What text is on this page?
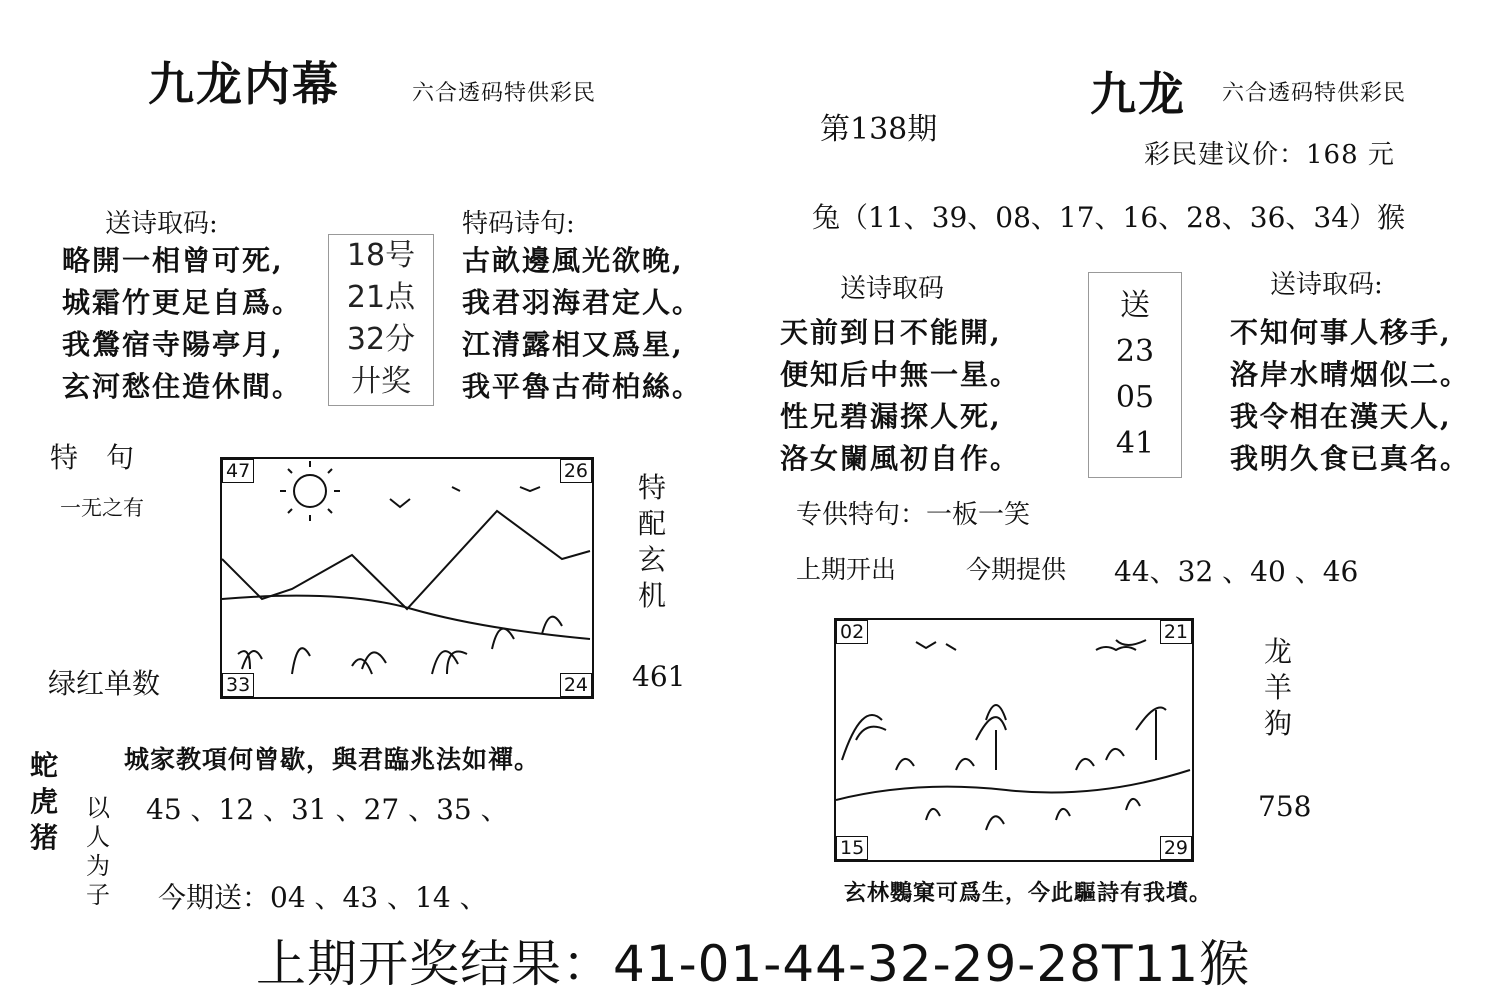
九龙内幕	六合透码特供彩民
送诗取码:
略開一相曾可死,
城霜竹更足自爲。
我鶯宿寺陽亭月,
玄河愁住造休間。
18号
21点
32分
廾奖
特码诗句:
古畝邊風光欲晚,
我君羽海君定人。
江清露相又爲星,
我平魯古荷柏絲。
特　句
一无之有
47	26
33	24
特
配
玄
机
绿红单数	461
蛇
虎
猪
以
人
为
子
城家教項何曾歇，與君臨兆法如禪。
45 、12 、31 、27 、35 、
今期送：04 、43 、14 、
九龙 六合透码特供彩民
第138期
彩民建议价：168 元
兔（11、39、08、17、16、28、36、34）猴
送诗取码
天前到日不能開,
便知后中無一星。
性兄碧漏探人死,
洛女闌風初自作。
送
23
05
41
送诗取码:
不知何事人移手,
洛岸水晴烟似二。
我令相在漢天人,
我明久食已真名。
专供特句：一板一笑
上期开出	今期提供 44、32 、40 、46
02	21
15	29
龙
羊
狗
758
玄林鸚窠可爲生，今此驅詩有我墳。
上期开奖结果：41-01-44-32-29-28T11猴
